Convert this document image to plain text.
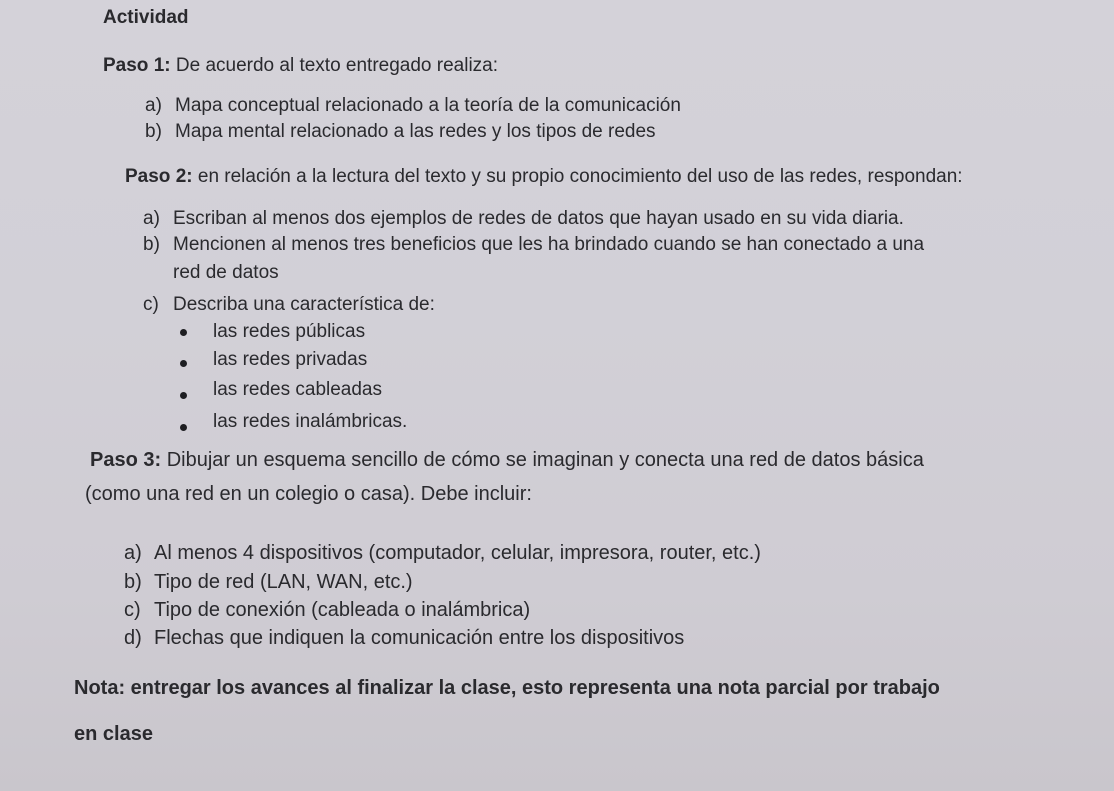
Actividad
Paso 1: De acuerdo al texto entregado realiza:
a) Mapa conceptual relacionado a la teoría de la comunicación
b) Mapa mental relacionado a las redes y los tipos de redes
Paso 2: en relación a la lectura del texto y su propio conocimiento del uso de las redes, respondan:
a) Escriban al menos dos ejemplos de redes de datos que hayan usado en su vida diaria.
b) Mencionen al menos tres beneficios que les ha brindado cuando se han conectado a una
red de datos
c) Describa una característica de:
las redes públicas
las redes privadas
las redes cableadas
las redes inalámbricas.
Paso 3: Dibujar un esquema sencillo de cómo se imaginan y conecta una red de datos básica
(como una red en un colegio o casa). Debe incluir:
a) Al menos 4 dispositivos (computador, celular, impresora, router, etc.)
b) Tipo de red (LAN, WAN, etc.)
c) Tipo de conexión (cableada o inalámbrica)
d) Flechas que indiquen la comunicación entre los dispositivos
Nota: entregar los avances al finalizar la clase, esto representa una nota parcial por trabajo
en clase
